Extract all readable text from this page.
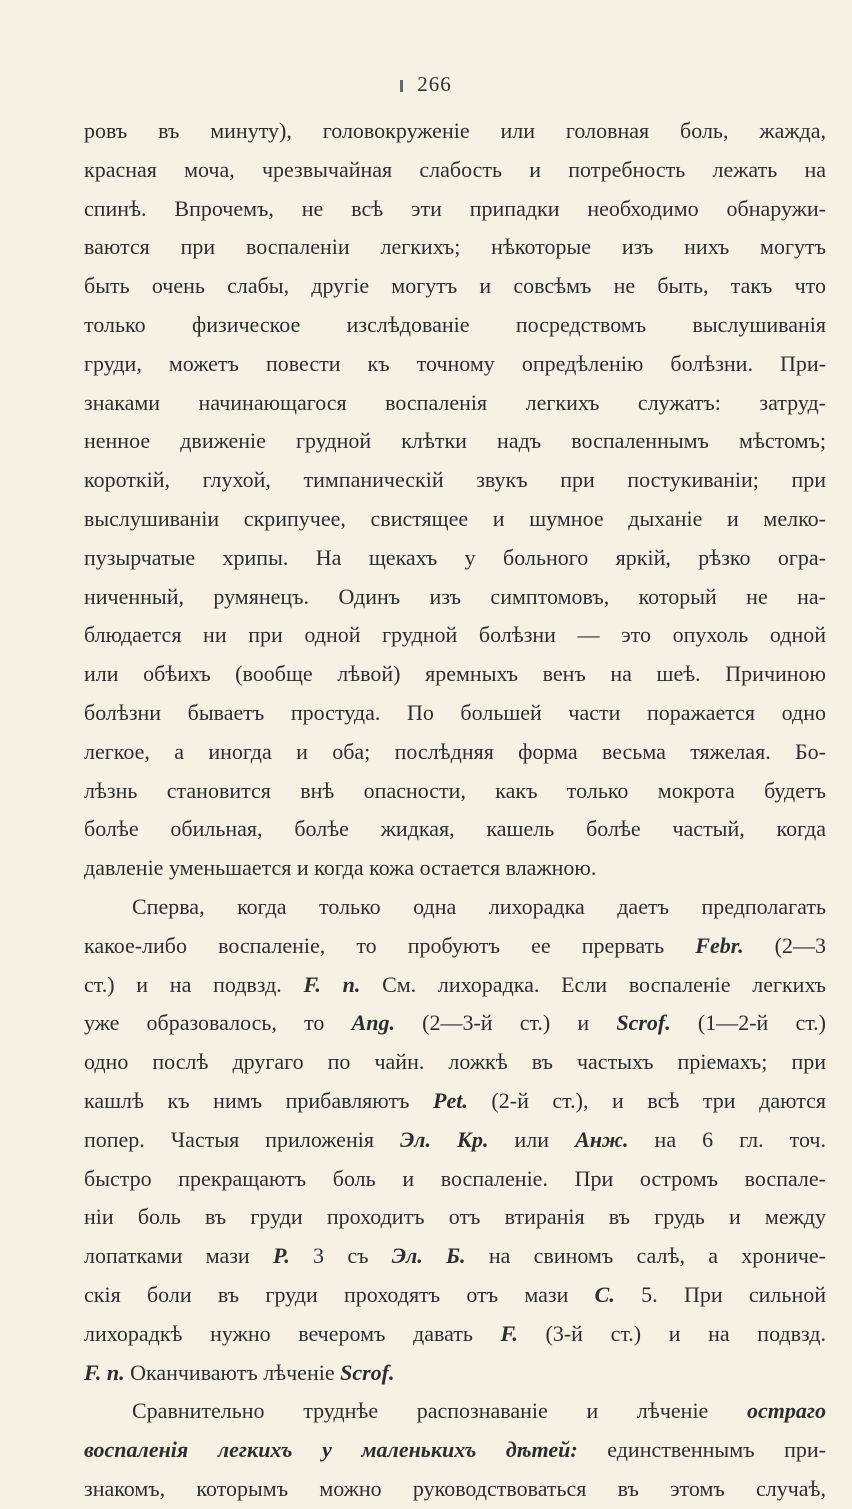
266
ровъ въ минуту), головокруженіе или головная боль, жажда,
красная моча, чрезвычайная слабость и потребность лежать на
спинѣ. Впрочемъ, не всѣ эти припадки необходимо обнаружи-
ваются при воспаленіи легкихъ; нѣкоторые изъ нихъ могутъ
быть очень слабы, другіе могутъ и совсѣмъ не быть, такъ что
только физическое изслѣдованіе посредствомъ выслушиванія
груди, можетъ повести къ точному опредѣленію болѣзни. При-
знаками начинающагося воспаленія легкихъ служатъ: затруд-
ненное движеніе грудной клѣтки надъ воспаленнымъ мѣстомъ;
короткій, глухой, тимпаническій звукъ при постукиваніи; при
выслушиваніи скрипучее, свистящее и шумное дыханіе и мелко-
пузырчатые хрипы. На щекахъ у больного яркій, рѣзко огра-
ниченный, румянецъ. Одинъ изъ симптомовъ, который не на-
блюдается ни при одной грудной болѣзни — это опухоль одной
или обѣихъ (вообще лѣвой) яремныхъ венъ на шеѣ. Причиною
болѣзни бываетъ простуда. По большей части поражается одно
легкое, а иногда и оба; послѣдняя форма весьма тяжелая. Бо-
лѣзнь становится внѣ опасности, какъ только мокрота будетъ
болѣе обильная, болѣе жидкая, кашель болѣе частый, когда
давленіе уменьшается и когда кожа остается влажною.
Сперва, когда только одна лихорадка даетъ предполагать
какое-либо воспаленіе, то пробуютъ ее прервать Febr. (2—3
ст.) и на подвзд. F. n. См. лихорадка. Если воспаленіе легкихъ
уже образовалось, то Ang. (2—3-й ст.) и Scrof. (1—2-й ст.)
одно послѣ другаго по чайн. ложкѣ въ частыхъ пріемахъ; при
кашлѣ къ нимъ прибавляютъ Pet. (2-й ст.), и всѣ три даются
попер. Частыя приложенія Эл. Кр. или Анж. на 6 гл. точ.
быстро прекращаютъ боль и воспаленіе. При остромъ воспале-
ніи боль въ груди проходитъ отъ втиранія въ грудь и между
лопатками мази Р. 3 съ Эл. Б. на свиномъ салѣ, а хрониче-
скія боли въ груди проходятъ отъ мази С. 5. При сильной
лихорадкѣ нужно вечеромъ давать F. (3-й ст.) и на подвзд.
F. n. Оканчиваютъ лѣченіе Scrof.
Сравнительно труднѣе распознаваніе и лѣченіе остраго
воспаленія легкихъ у маленькихъ дѣтей: единственнымъ при-
знакомъ, которымъ можно руководствоваться въ этомъ случаѣ,
